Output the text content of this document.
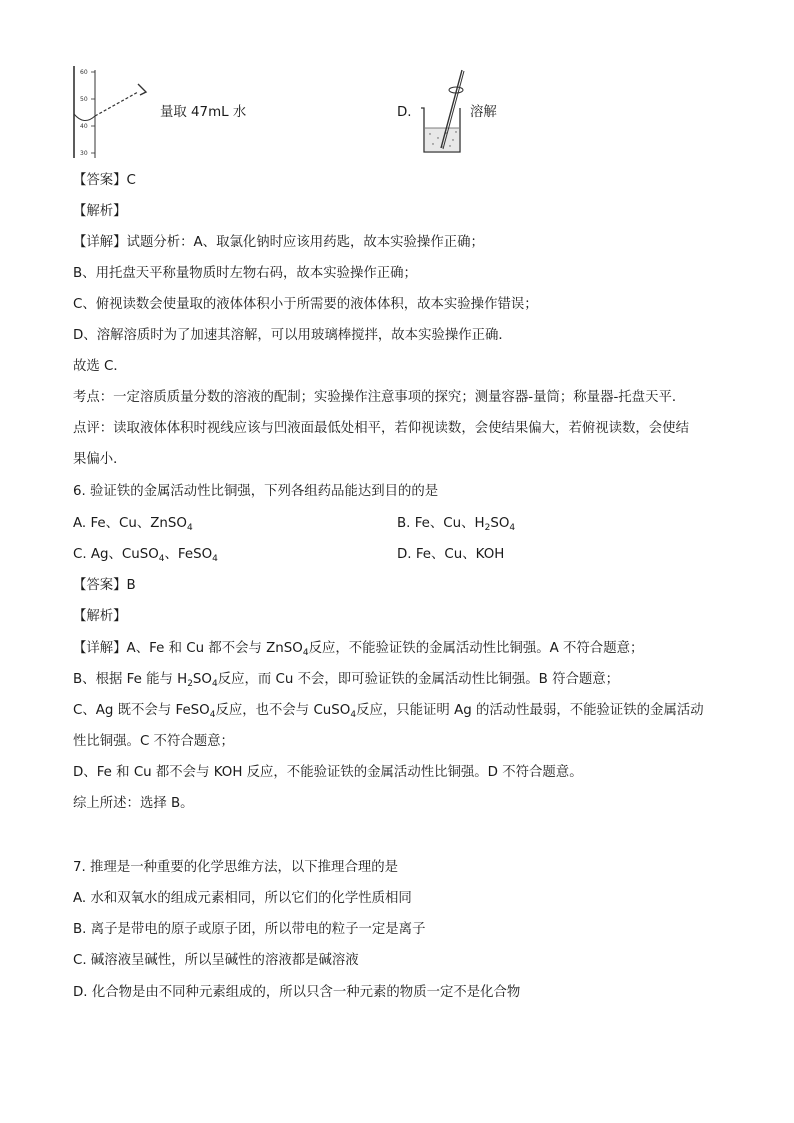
60
50
40
30
量取 47mL 水	D.	溶解
【答案】C
【解析】
【详解】试题分析：A、取氯化钠时应该用药匙，故本实验操作正确；
B、用托盘天平称量物质时左物右码，故本实验操作正确；
C、俯视读数会使量取的液体体积小于所需要的液体体积，故本实验操作错误；
D、溶解溶质时为了加速其溶解，可以用玻璃棒搅拌，故本实验操作正确．
故选 C．
考点：一定溶质质量分数的溶液的配制；实验操作注意事项的探究；测量容器-量筒；称量器-托盘天平．
点评：读取液体体积时视线应该与凹液面最低处相平，若仰视读数，会使结果偏大，若俯视读数，会使结
果偏小．
6. 验证铁的金属活动性比铜强，下列各组药品能达到目的的是
A. Fe、Cu、ZnSO$_4$	B. Fe、Cu、$H_2SO_4$
C. Ag、CuSO$_4$、FeSO$_4$	D. Fe、Cu、KOH
【答案】B
【解析】
【详解】A、Fe 和 Cu 都不会与 ZnSO$_4$反应，不能验证铁的金属活动性比铜强。A 不符合题意；
B、根据 Fe 能与 $H_2SO_4$反应，而 Cu 不会，即可验证铁的金属活动性比铜强。B 符合题意；
C、Ag 既不会与 FeSO$_4$反应，也不会与 CuSO$_4$反应，只能证明 Ag 的活动性最弱，不能验证铁的金属活动
性比铜强。C 不符合题意；
D、Fe 和 Cu 都不会与 KOH 反应，不能验证铁的金属活动性比铜强。D 不符合题意。
综上所述：选择 B。
7. 推理是一种重要的化学思维方法，以下推理合理的是
A. 水和双氧水的组成元素相同，所以它们的化学性质相同
B. 离子是带电的原子或原子团，所以带电的粒子一定是离子
C. 碱溶液呈碱性，所以呈碱性的溶液都是碱溶液
D. 化合物是由不同种元素组成的，所以只含一种元素的物质一定不是化合物
